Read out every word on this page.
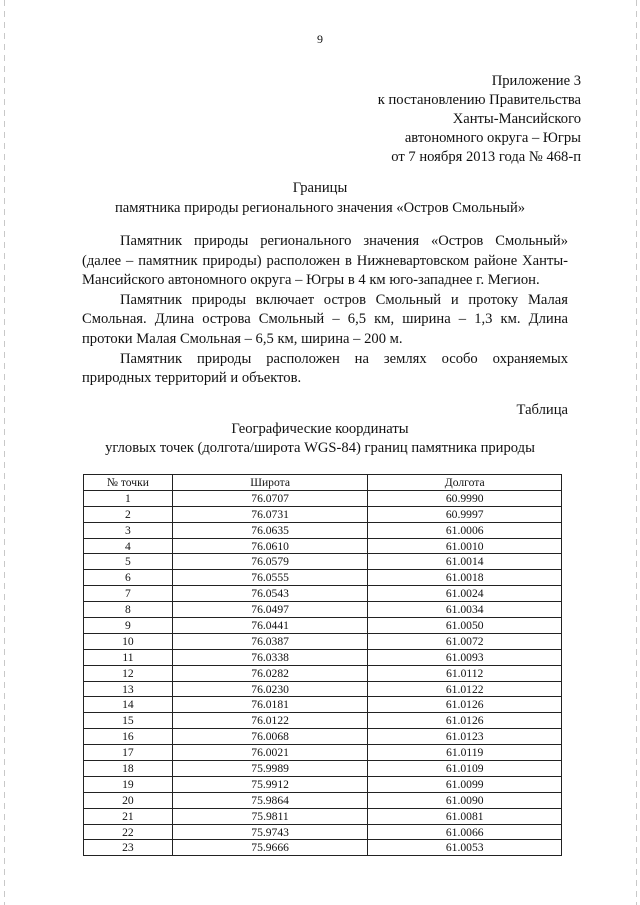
9
Приложение 3
к постановлению Правительства
Ханты-Мансийского
автономного округа – Югры
от 7 ноября 2013 года № 468-п
Границы
памятника природы регионального значения «Остров Смольный»

Памятник природы регионального значения «Остров Смольный» (далее – памятник природы) расположен в Нижневартовском районе Ханты-Мансийского автономного округа – Югры в 4 км юго-западнее г. Мегион.

Памятник природы включает остров Смольный и протоку Малая Смольная. Длина острова Смольный – 6,5 км, ширина – 1,3 км. Длина протоки Малая Смольная – 6,5 км, ширина – 200 м.

Памятник природы расположен на землях особо охраняемых природных территорий и объектов.

Таблица
Географические координаты
угловых точек (долгота/широта WGS-84) границ памятника природы
№ точки	Широта	Долгота
1	76.0707	60.9990
2	76.0731	60.9997
3	76.0635	61.0006
4	76.0610	61.0010
5	76.0579	61.0014
6	76.0555	61.0018
7	76.0543	61.0024
8	76.0497	61.0034
9	76.0441	61.0050
10	76.0387	61.0072
11	76.0338	61.0093
12	76.0282	61.0112
13	76.0230	61.0122
14	76.0181	61.0126
15	76.0122	61.0126
16	76.0068	61.0123
17	76.0021	61.0119
18	75.9989	61.0109
19	75.9912	61.0099
20	75.9864	61.0090
21	75.9811	61.0081
22	75.9743	61.0066
23	75.9666	61.0053
